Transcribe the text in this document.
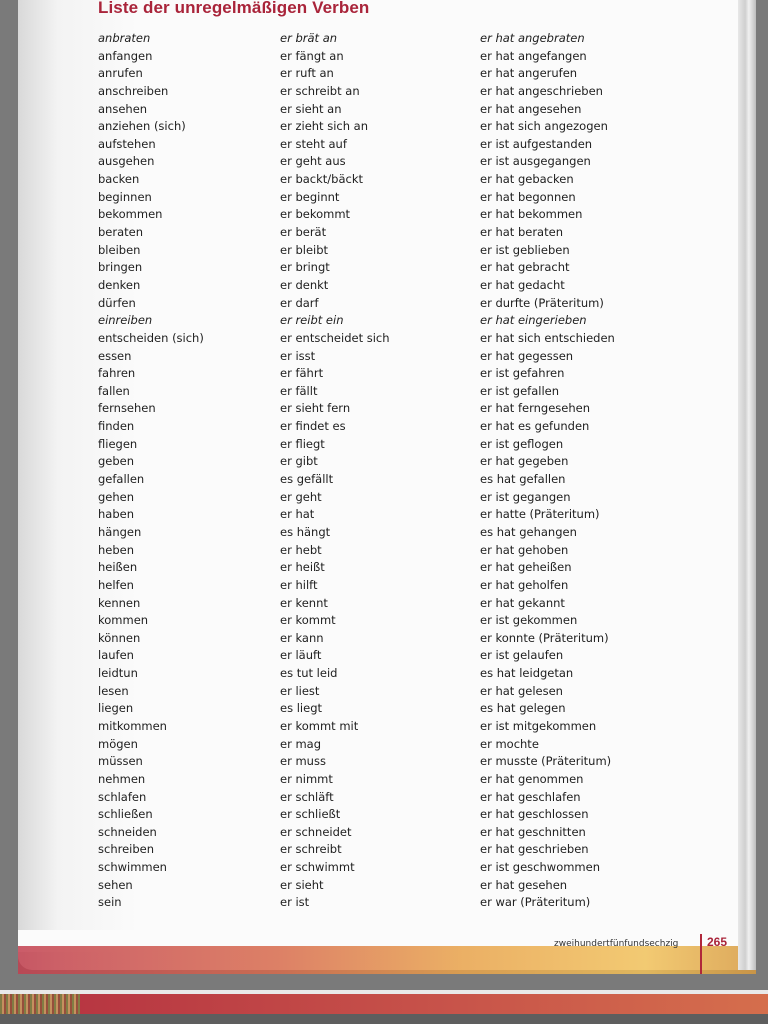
Liste der unregelmäßigen Verben
anbraten	er brät an	er hat angebraten
anfangen	er fängt an	er hat angefangen
anrufen	er ruft an	er hat angerufen
anschreiben	er schreibt an	er hat angeschrieben
ansehen	er sieht an	er hat angesehen
anziehen (sich)	er zieht sich an	er hat sich angezogen
aufstehen	er steht auf	er ist aufgestanden
ausgehen	er geht aus	er ist ausgegangen
backen	er backt/bäckt	er hat gebacken
beginnen	er beginnt	er hat begonnen
bekommen	er bekommt	er hat bekommen
beraten	er berät	er hat beraten
bleiben	er bleibt	er ist geblieben
bringen	er bringt	er hat gebracht
denken	er denkt	er hat gedacht
dürfen	er darf	er durfte (Präteritum)
einreiben	er reibt ein	er hat eingerieben
entscheiden (sich)	er entscheidet sich	er hat sich entschieden
essen	er isst	er hat gegessen
fahren	er fährt	er ist gefahren
fallen	er fällt	er ist gefallen
fernsehen	er sieht fern	er hat ferngesehen
finden	er findet es	er hat es gefunden
fliegen	er fliegt	er ist geflogen
geben	er gibt	er hat gegeben
gefallen	es gefällt	es hat gefallen
gehen	er geht	er ist gegangen
haben	er hat	er hatte (Präteritum)
hängen	es hängt	es hat gehangen
heben	er hebt	er hat gehoben
heißen	er heißt	er hat geheißen
helfen	er hilft	er hat geholfen
kennen	er kennt	er hat gekannt
kommen	er kommt	er ist gekommen
können	er kann	er konnte (Präteritum)
laufen	er läuft	er ist gelaufen
leidtun	es tut leid	es hat leidgetan
lesen	er liest	er hat gelesen
liegen	es liegt	es hat gelegen
mitkommen	er kommt mit	er ist mitgekommen
mögen	er mag	er mochte
müssen	er muss	er musste (Präteritum)
nehmen	er nimmt	er hat genommen
schlafen	er schläft	er hat geschlafen
schließen	er schließt	er hat geschlossen
schneiden	er schneidet	er hat geschnitten
schreiben	er schreibt	er hat geschrieben
schwimmen	er schwimmt	er ist geschwommen
sehen	er sieht	er hat gesehen
sein	er ist	er war (Präteritum)
zweihundertfünfundsechzig 265
